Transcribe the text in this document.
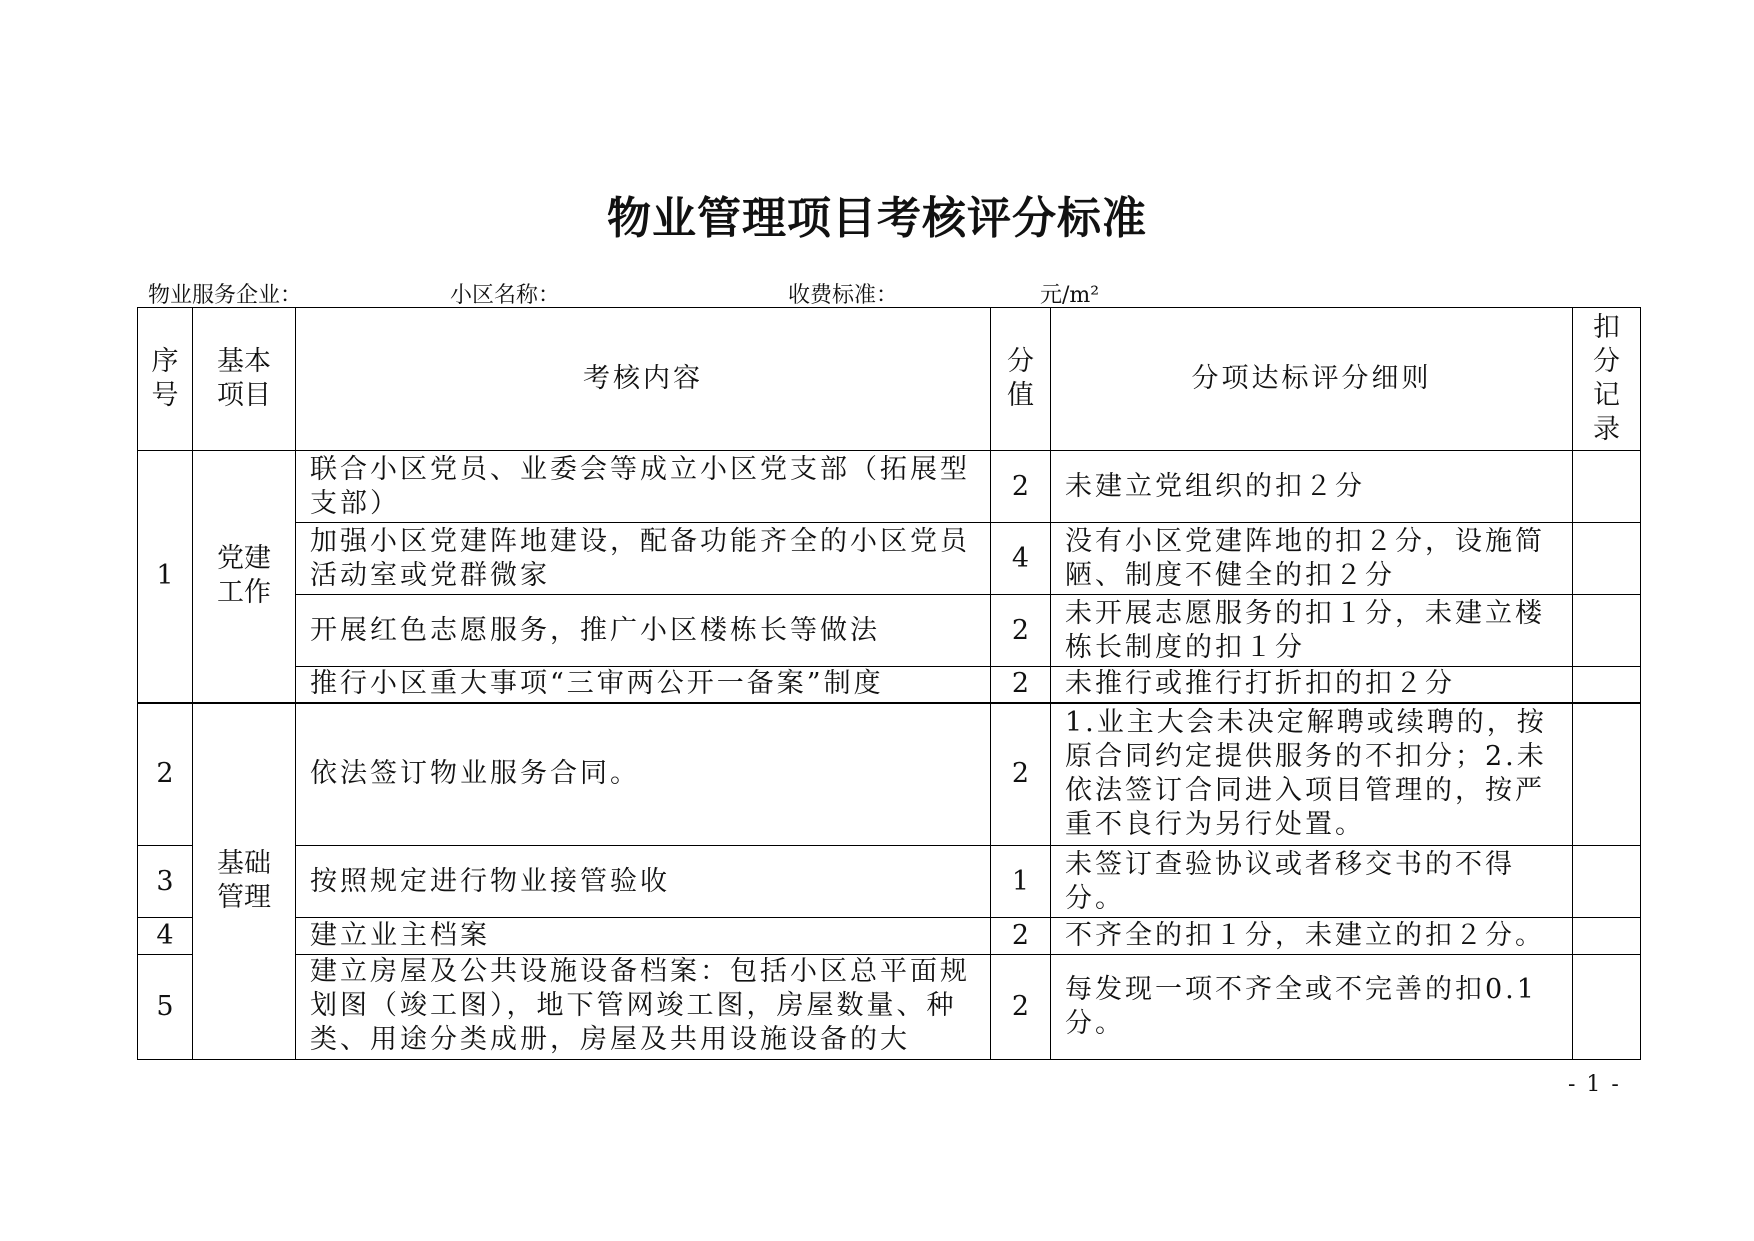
物业管理项目考核评分标准
物业服务企业：	小区名称：	收费标准：	元/m²
序号	基本项目	考核内容	分值	分项达标评分细则	扣分记录
1	党建工作	联合小区党员、业委会等成立小区党支部（拓展型支部）	2	未建立党组织的扣２分	
		加强小区党建阵地建设，配备功能齐全的小区党员活动室或党群微家	4	没有小区党建阵地的扣２分，设施简陋、制度不健全的扣２分	
		开展红色志愿服务，推广小区楼栋长等做法	2	未开展志愿服务的扣１分，未建立楼栋长制度的扣１分	
		推行小区重大事项“三审两公开一备案”制度	2	未推行或推行打折扣的扣２分	
2	基础管理	依法签订物业服务合同。	2	1.业主大会未决定解聘或续聘的，按原合同约定提供服务的不扣分；2.未依法签订合同进入项目管理的，按严重不良行为另行处置。	
3		按照规定进行物业接管验收	1	未签订查验协议或者移交书的不得分。	
4		建立业主档案	2	不齐全的扣１分，未建立的扣２分。	
5		建立房屋及公共设施设备档案：包括小区总平面规划图（竣工图），地下管网竣工图，房屋数量、种类、用途分类成册，房屋及共用设施设备的大	2	每发现一项不齐全或不完善的扣0.1分。	
- 1 -
